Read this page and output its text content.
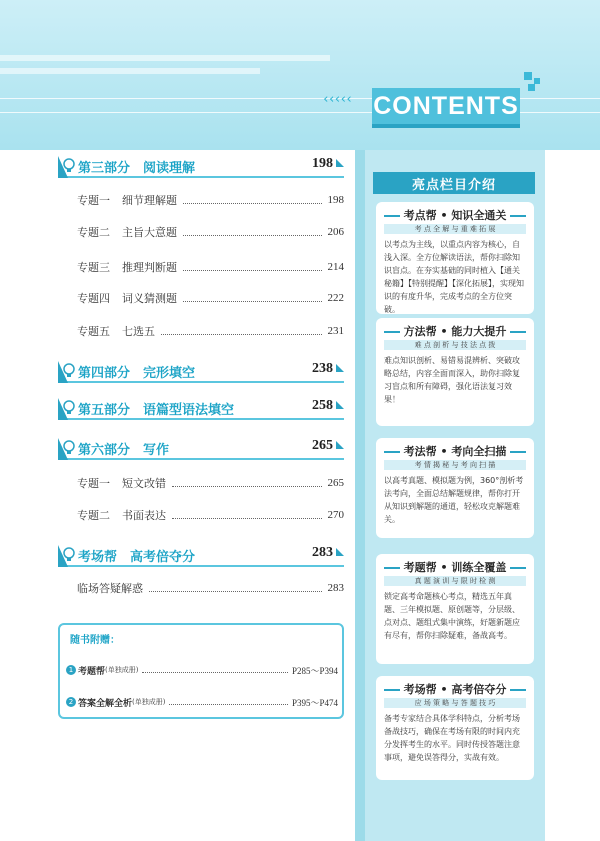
‹‹‹‹‹ CONTENTS
第三部分　阅读理解	198
专题一 细节理解题	198
专题二 主旨大意题	206
专题三 推理判断题	214
专题四 词义猜测题	222
专题五 七选五	231
第四部分　完形填空	238
第五部分　语篇型语法填空	258
第六部分　写作	265
专题一 短文改错	265
专题二 书面表达	270
考场帮　高考倍夺分	283
临场答疑解惑	283
随书附赠：
1 考题帮 (单独成册)	P285～P394
2 答案全解全析 (单独成册)	P395～P474
亮点栏目介绍
考点帮 • 知识全通关
考 点 全 解 与 重 难 拓 展
以考点为主线，以重点内容为核心，自浅入深。全方位解读语法，帮你扫除知识盲点。在夯实基础的同时植入【通关秘籍】【特别提醒】【深化拓展】，实现知识的有度升华，完成考点的全方位突破。
方法帮 • 能力大提升
难 点 剖 析 与 技 法 点 拨
难点知识剖析、易错易混辨析、突破攻略总结，内容全面而深入，助你扫除复习盲点和所有障碍，强化语法复习效果！
考法帮 • 考向全扫描
考 情 揭 秘 与 考 向 扫 描
以高考真题、模拟题为例，360°剖析考法考向，全面总结解题规律，帮你打开从知识到解题的通道，轻松攻克解题难关。
考题帮 • 训练全覆盖
真 题 演 训 与 限 时 检 测
锁定高考命题核心考点，精选五年真题、三年模拟题、原创题等，分层级、点对点、题组式集中演练，好题新题应有尽有，帮你扫除疑难，备战高考。
考场帮 • 高考倍夺分
应 场 策 略 与 答 题 技 巧
备考专家结合具体学科特点，分析考场备战技巧，确保在考场有限的时间内充分发挥考生的水平。同时传授答题注意事项，避免误答得分，实战有效。
